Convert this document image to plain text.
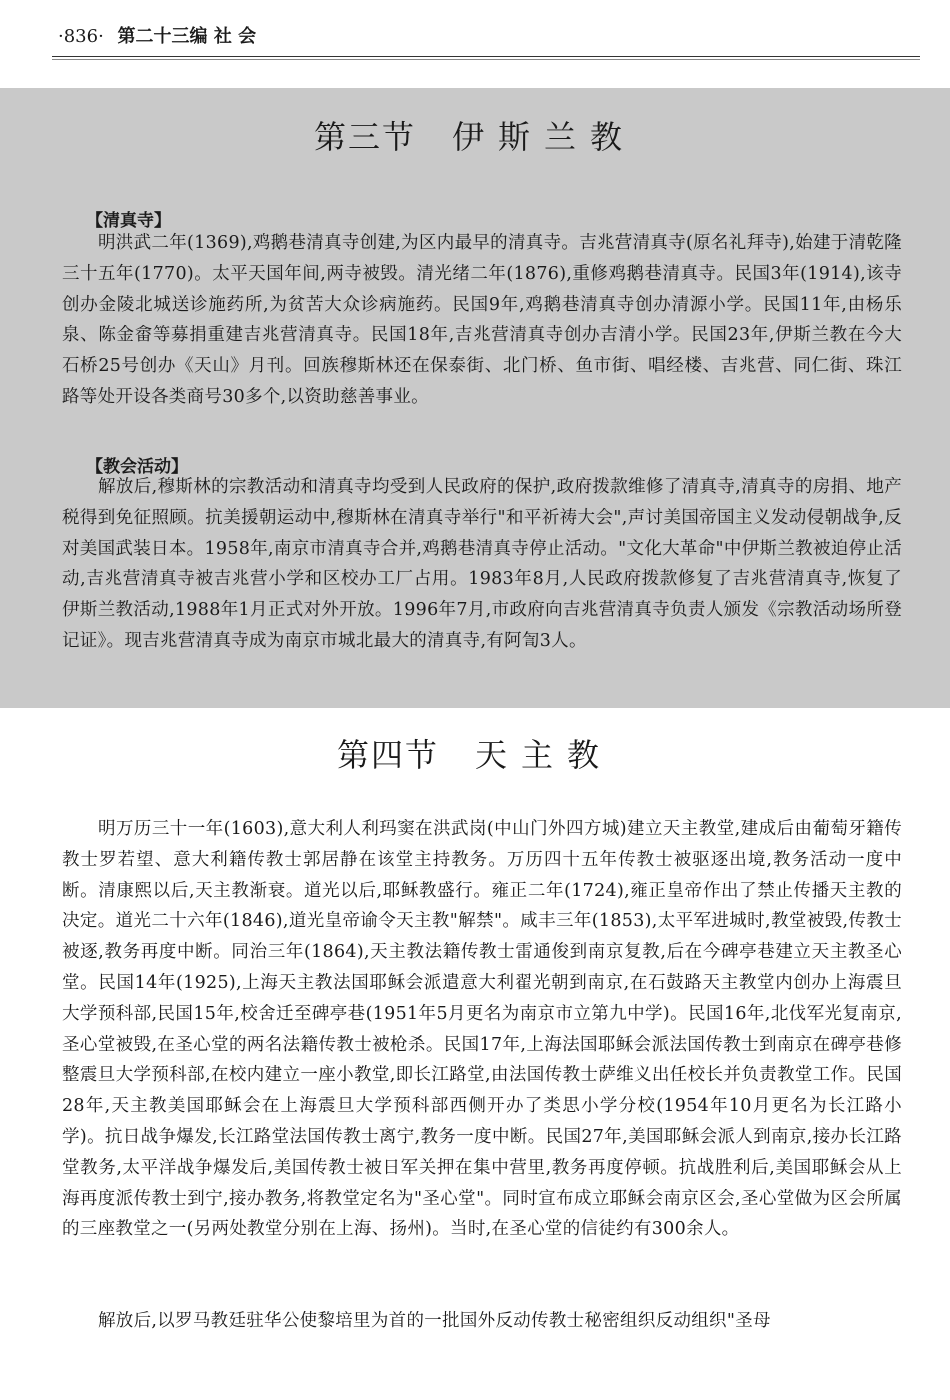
·836· 第二十三编 社 会
第三节 伊斯兰教
【清真寺】

明洪武二年(1369),鸡鹅巷清真寺创建,为区内最早的清真寺。吉兆营清真寺(原名礼拜寺),始建于清乾隆三十五年(1770)。太平天国年间,两寺被毁。清光绪二年(1876),重修鸡鹅巷清真寺。民国3年(1914),该寺创办金陵北城送诊施药所,为贫苦大众诊病施药。民国9年,鸡鹅巷清真寺创办清源小学。民国11年,由杨乐泉、陈金畲等募捐重建吉兆营清真寺。民国18年,吉兆营清真寺创办吉清小学。民国23年,伊斯兰教在今大石桥25号创办《天山》月刊。回族穆斯林还在保泰街、北门桥、鱼市街、唱经楼、吉兆营、同仁街、珠江路等处开设各类商号30多个,以资助慈善事业。

【教会活动】

解放后,穆斯林的宗教活动和清真寺均受到人民政府的保护,政府拨款维修了清真寺,清真寺的房捐、地产税得到免征照顾。抗美援朝运动中,穆斯林在清真寺举行"和平祈祷大会",声讨美国帝国主义发动侵朝战争,反对美国武装日本。1958年,南京市清真寺合并,鸡鹅巷清真寺停止活动。"文化大革命"中伊斯兰教被迫停止活动,吉兆营清真寺被吉兆营小学和区校办工厂占用。1983年8月,人民政府拨款修复了吉兆营清真寺,恢复了伊斯兰教活动,1988年1月正式对外开放。1996年7月,市政府向吉兆营清真寺负责人颁发《宗教活动场所登记证》。现吉兆营清真寺成为南京市城北最大的清真寺,有阿訇3人。

第四节 天主教

明万历三十一年(1603),意大利人利玛窦在洪武岗(中山门外四方城)建立天主教堂,建成后由葡萄牙籍传教士罗若望、意大利籍传教士郭居静在该堂主持教务。万历四十五年传教士被驱逐出境,教务活动一度中断。清康熙以后,天主教渐衰。道光以后,耶稣教盛行。雍正二年(1724),雍正皇帝作出了禁止传播天主教的决定。道光二十六年(1846),道光皇帝谕令天主教"解禁"。咸丰三年(1853),太平军进城时,教堂被毁,传教士被逐,教务再度中断。同治三年(1864),天主教法籍传教士雷通俊到南京复教,后在今碑亭巷建立天主教圣心堂。民国14年(1925),上海天主教法国耶稣会派遣意大利翟光朝到南京,在石鼓路天主教堂内创办上海震旦大学预科部,民国15年,校舍迁至碑亭巷(1951年5月更名为南京市立第九中学)。民国16年,北伐军光复南京,圣心堂被毁,在圣心堂的两名法籍传教士被枪杀。民国17年,上海法国耶稣会派法国传教士到南京在碑亭巷修整震旦大学预科部,在校内建立一座小教堂,即长江路堂,由法国传教士萨维义出任校长并负责教堂工作。民国28年,天主教美国耶稣会在上海震旦大学预科部西侧开办了类思小学分校(1954年10月更名为长江路小学)。抗日战争爆发,长江路堂法国传教士离宁,教务一度中断。民国27年,美国耶稣会派人到南京,接办长江路堂教务,太平洋战争爆发后,美国传教士被日军关押在集中营里,教务再度停顿。抗战胜利后,美国耶稣会从上海再度派传教士到宁,接办教务,将教堂定名为"圣心堂"。同时宣布成立耶稣会南京区会,圣心堂做为区会所属的三座教堂之一(另两处教堂分别在上海、扬州)。当时,在圣心堂的信徒约有300余人。

解放后,以罗马教廷驻华公使黎培里为首的一批国外反动传教士秘密组织反动组织"圣母
